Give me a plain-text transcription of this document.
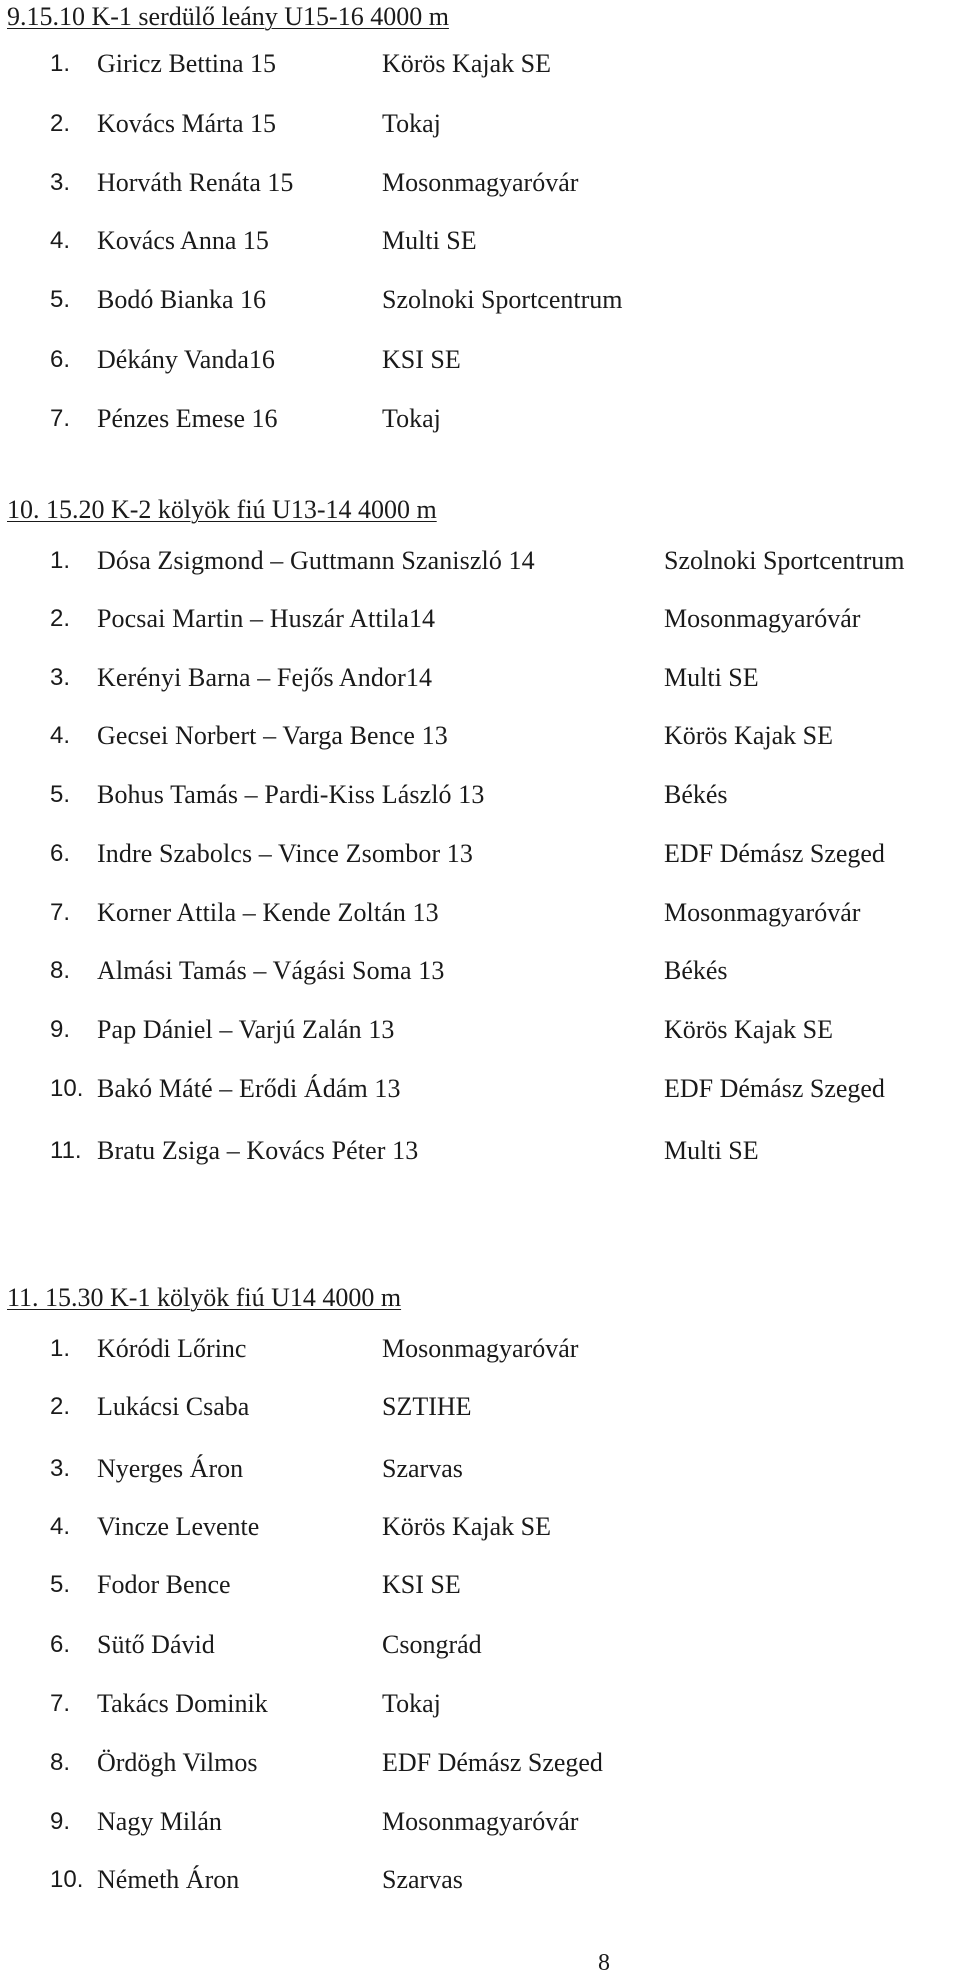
9.15.10 K-1 serdülő leány U15-16 4000 m
1. Giricz Bettina 15	Körös Kajak SE
2. Kovács Márta 15	Tokaj
3. Horváth Renáta 15	Mosonmagyaróvár
4. Kovács Anna 15	Multi SE
5. Bodó Bianka 16	Szolnoki Sportcentrum
6. Dékány Vanda16	KSI SE
7. Pénzes Emese 16	Tokaj
10. 15.20 K-2 kölyök fiú U13-14 4000 m
1. Dósa Zsigmond – Guttmann Szaniszló 14	Szolnoki Sportcentrum
2. Pocsai Martin – Huszár Attila14	Mosonmagyaróvár
3. Kerényi Barna – Fejős Andor14	Multi SE
4. Gecsei Norbert – Varga Bence 13	Körös Kajak SE
5. Bohus Tamás – Pardi-Kiss László 13	Békés
6. Indre Szabolcs – Vince Zsombor 13	EDF Démász Szeged
7. Korner Attila – Kende Zoltán 13	Mosonmagyaróvár
8. Almási Tamás – Vágási Soma 13	Békés
9. Pap Dániel – Varjú Zalán 13	Körös Kajak SE
10. Bakó Máté – Erődi Ádám 13	EDF Démász Szeged
11. Bratu Zsiga – Kovács Péter 13	Multi SE
11. 15.30 K-1 kölyök fiú U14 4000 m
1. Kóródi Lőrinc	Mosonmagyaróvár
2. Lukácsi Csaba	SZTIHE
3. Nyerges Áron	Szarvas
4. Vincze Levente	Körös Kajak SE
5. Fodor Bence	KSI SE
6. Sütő Dávid	Csongrád
7. Takács Dominik	Tokaj
8. Ördögh Vilmos	EDF Démász Szeged
9. Nagy Milán	Mosonmagyaróvár
10. Németh Áron	Szarvas
8
